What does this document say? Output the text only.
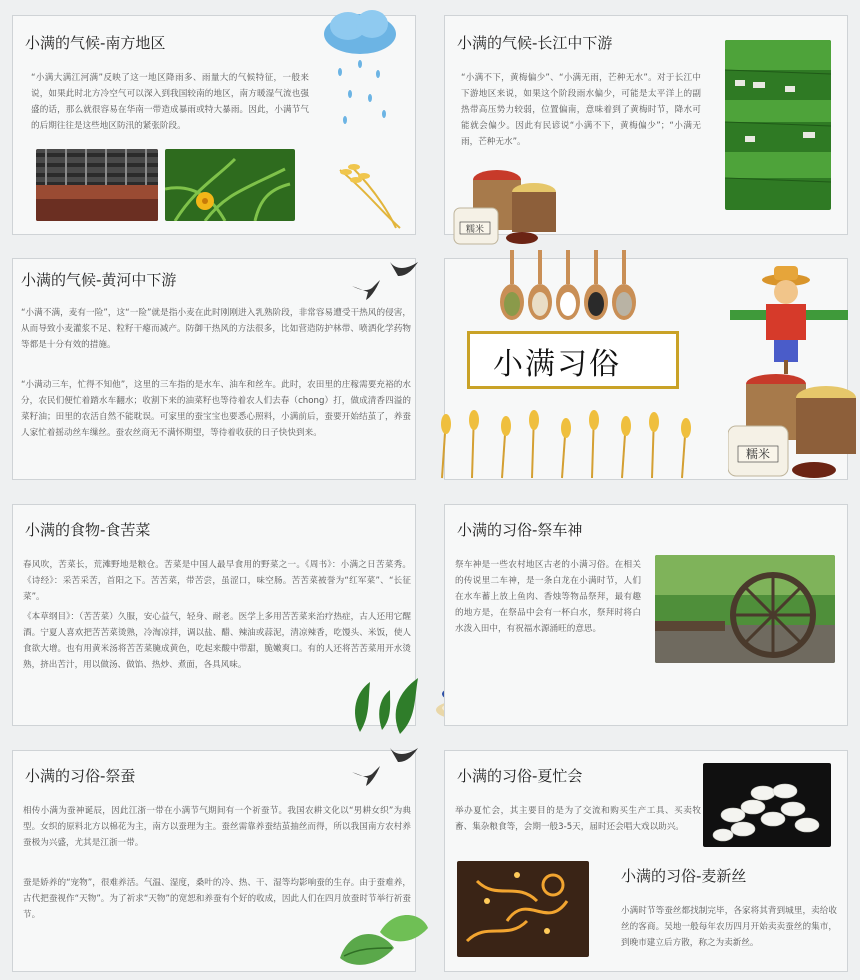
小满的气候-南方地区
“小满大满江河满”反映了这一地区降雨多、雨量大的气候特征，一般来说，如果此时北方冷空气可以深入到我国较南的地区，南方暖湿气流也强盛的话，那么就很容易在华南一带造成暴雨或特大暴雨。因此，小满节气的后期往往是这些地区防汛的紧张阶段。
小满的气候-长江中下游
“小满不下，黄梅偏少”、“小满无雨，芒种无水”。对于长江中下游地区来说，如果这个阶段雨水偏少，可能是太平洋上的副热带高压势力较弱，位置偏南，意味着到了黄梅时节，降水可能就会偏少。因此有民谚说“小满不下，黄梅偏少”；“小满无雨，芒种无水”。
糯米
小满的气候-黄河中下游
“小满不满，麦有一险”，这“一险”就是指小麦在此时刚刚进入乳熟阶段，非常容易遭受干热风的侵害，从而导致小麦灌浆不足、粒籽干瘪而减产。防御干热风的方法很多，比如营造防护林带、喷洒化学药物等都是十分有效的措施。
“小满动三车，忙得不知他”，这里的三车指的是水车、油车和丝车。此时，农田里的庄稼需要充裕的水分，农民们便忙着踏水车翻水；收割下来的油菜籽也等待着农人们去春（chong）打，做成清香四溢的菜籽油；田里的农活自然不能耽误。可家里的蚕宝宝也要悉心照料，小满前后，蚕要开始结茧了，养蚕人家忙着摇动丝车缫丝。蚕农丝商无不满怀期望，等待着收获的日子快快到来。
小满习俗
糯米
小满的食物-食苦菜
春风吹，苦菜长，荒滩野地是粮仓。苦菜是中国人最早食用的野菜之一。《周书》：小满之日苦菜秀。《诗经》：采苦采苦，首阳之下。苦苦菜，带苦尝，虽涩口，味空肠。苦苦菜被誉为“红军菜”、“长征菜”。
《本草纲目》：（苦苦菜）久服，安心益气，轻身、耐老。医学上多用苦苦菜来治疗热症，古人还用它醒酒。宁夏人喜欢把苦苦菜烫熟，冷淘凉拌，调以盐、醋、辣油或蒜泥，清凉辣香，吃馒头、米饭，使人食欲大增。也有用黄米汤将苦苦菜腌成黄色，吃起来酸中带甜，脆嫩爽口。有的人还将苦苦菜用开水烫熟，挤出苦汁，用以做汤、做馅、热炒、煮面，各具风味。
小满的习俗-祭车神
祭车神是一些农村地区古老的小满习俗。在相关的传说里二车神，是一条白龙在小满时节，人们在水车蓄上放上鱼肉、香烛等物品祭拜，最有趣的地方是，在祭品中会有一杯白水，祭拜时将白水泼入田中，有祝福水源涌旺的意思。
小满的习俗-祭蚕
相传小满为蚕神诞辰，因此江浙一带在小满节气期间有一个祈蚕节。我国农耕文化以“男耕女织”为典型。女织的原料北方以棉花为主，南方以蚕理为主。蚕丝需靠养蚕结茧抽丝而得，所以我国南方农村养蚕极为兴盛，尤其是江浙一带。
蚕是娇养的“宠物”，很难养活。气温、湿度，桑叶的冷、热、干、湿等均影响蚕的生存。由于蚕难养，古代把蚕视作“天物”。为了祈求“天物”的宽恕和养蚕有个好的收成，因此人们在四月放蚕时节举行祈蚕节。
小满的习俗-夏忙会
举办夏忙会，其主要目的是为了交流和购买生产工具、买卖牧畜、集杂粮食等，会期一般3-5天，届时还会唱大戏以助兴。
小满的习俗-麦新丝
小满时节等蚕丝都找制完毕，各家将其背到城里，卖给收丝的客商。吴地一般每年农历四月开始卖卖蚕丝的集市，到晚市建立后方散，称之为卖新丝。
